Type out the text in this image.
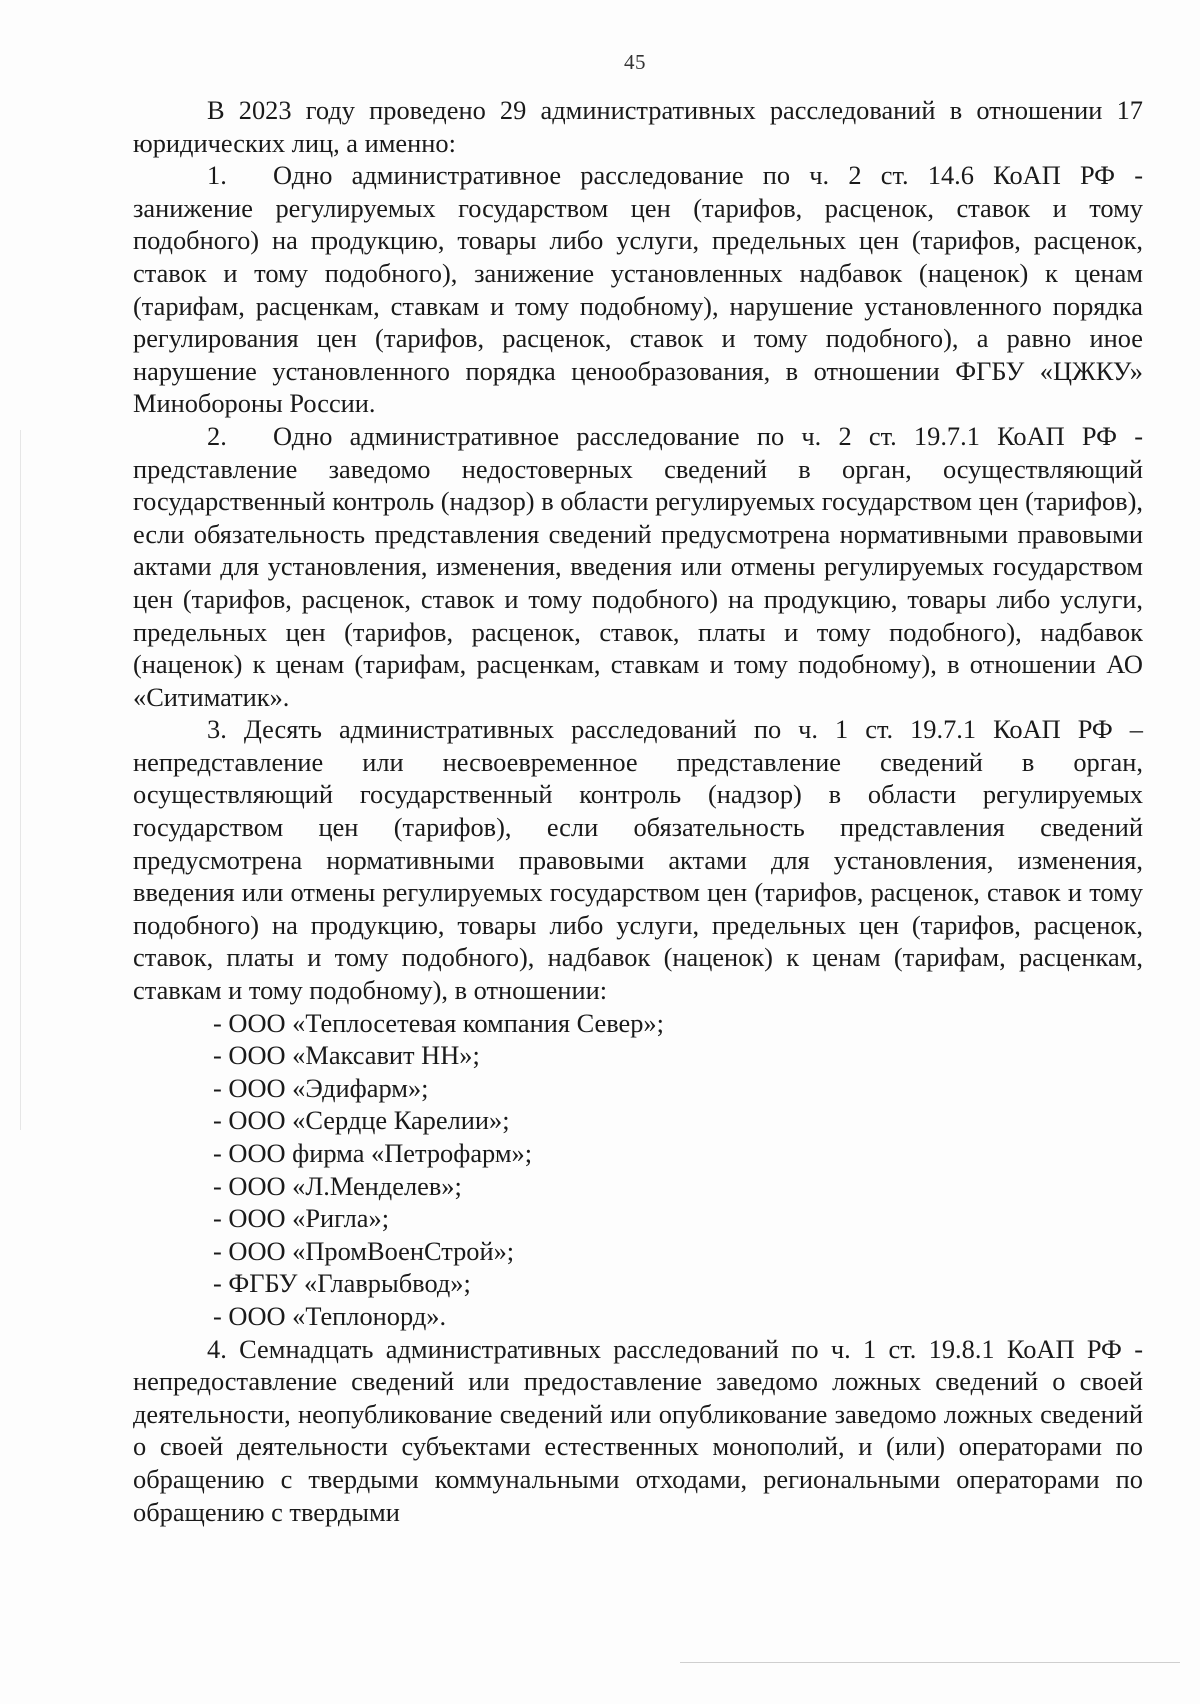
45

В 2023 году проведено 29 административных расследований в отношении 17 юридических лиц, а именно:

1. Одно административное расследование по ч. 2 ст. 14.6 КоАП РФ - занижение регулируемых государством цен (тарифов, расценок, ставок и тому подобного) на продукцию, товары либо услуги, предельных цен (тарифов, расценок, ставок и тому подобного), занижение установленных надбавок (наценок) к ценам (тарифам, расценкам, ставкам и тому подобному), нарушение установленного порядка регулирования цен (тарифов, расценок, ставок и тому подобного), а равно иное нарушение установленного порядка ценообразования, в отношении ФГБУ «ЦЖКУ» Минобороны России.

2. Одно административное расследование по ч. 2 ст. 19.7.1 КоАП РФ - представление заведомо недостоверных сведений в орган, осуществляющий государственный контроль (надзор) в области регулируемых государством цен (тарифов), если обязательность представления сведений предусмотрена нормативными правовыми актами для установления, изменения, введения или отмены регулируемых государством цен (тарифов, расценок, ставок и тому подобного) на продукцию, товары либо услуги, предельных цен (тарифов, расценок, ставок, платы и тому подобного), надбавок (наценок) к ценам (тарифам, расценкам, ставкам и тому подобному), в отношении АО «Ситиматик».

3. Десять административных расследований по ч. 1 ст. 19.7.1 КоАП РФ – непредставление или несвоевременное представление сведений в орган, осуществляющий государственный контроль (надзор) в области регулируемых государством цен (тарифов), если обязательность представления сведений предусмотрена нормативными правовыми актами для установления, изменения, введения или отмены регулируемых государством цен (тарифов, расценок, ставок и тому подобного) на продукцию, товары либо услуги, предельных цен (тарифов, расценок, ставок, платы и тому подобного), надбавок (наценок) к ценам (тарифам, расценкам, ставкам и тому подобному), в отношении:

- ООО «Теплосетевая компания Север»;
- ООО «Максавит НН»;
- ООО «Эдифарм»;
- ООО «Сердце Карелии»;
- ООО фирма «Петрофарм»;
- ООО «Л.Менделев»;
- ООО «Ригла»;
- ООО «ПромВоенСтрой»;
- ФГБУ «Главрыбвод»;
- ООО «Теплонорд».

4. Семнадцать административных расследований по ч. 1 ст. 19.8.1 КоАП РФ - непредоставление сведений или предоставление заведомо ложных сведений о своей деятельности, неопубликование сведений или опубликование заведомо ложных сведений о своей деятельности субъектами естественных монополий, и (или) операторами по обращению с твердыми коммунальными отходами, региональными операторами по обращению с твердыми
